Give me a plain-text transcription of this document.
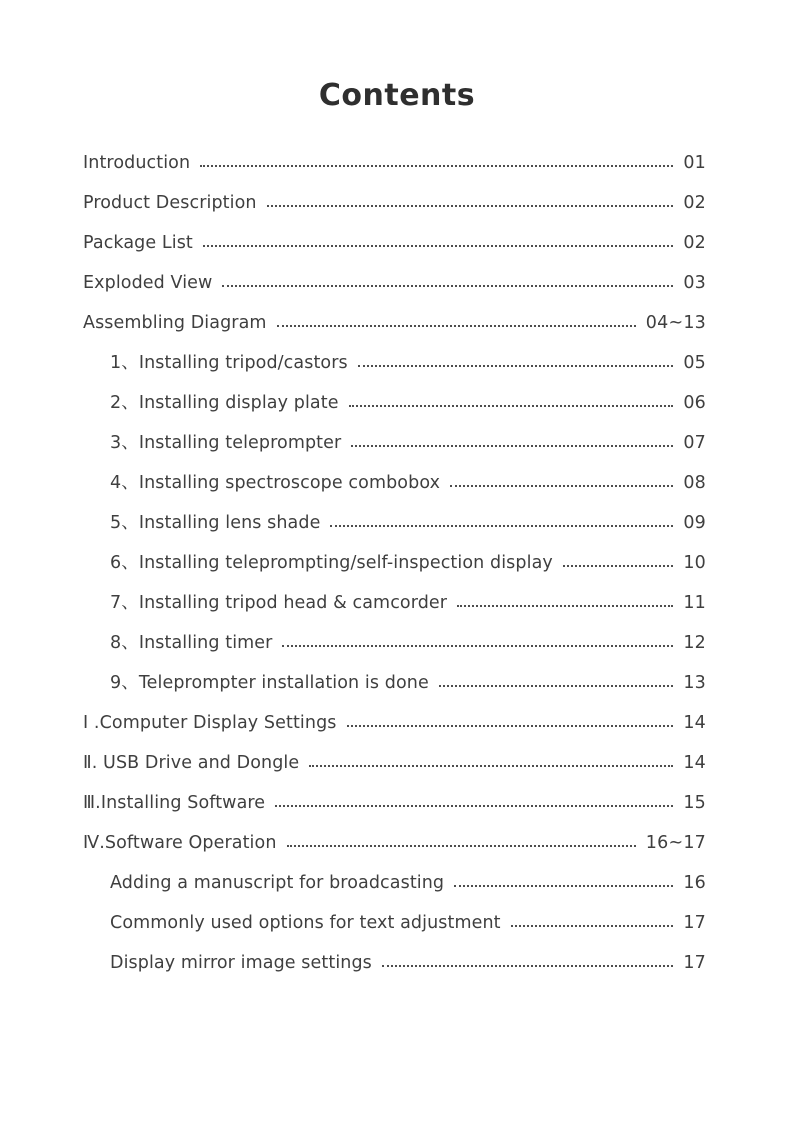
Contents
Introduction	01
Product Description	02
Package List	02
Exploded View	03
Assembling Diagram	04~13
1、Installing tripod/castors	05
2、Installing display plate	06
3、Installing teleprompter	07
4、Installing spectroscope combobox	08
5、Installing lens shade	09
6、Installing teleprompting/self-inspection display	10
7、Installing tripod head & camcorder	11
8、Installing timer	12
9、Teleprompter installation is done	13
Ⅰ .Computer Display Settings	14
Ⅱ. USB Drive and Dongle	14
Ⅲ.Installing Software	15
Ⅳ.Software Operation	16~17
Adding a manuscript for broadcasting	16
Commonly used options for text adjustment	17
Display mirror image settings	17
